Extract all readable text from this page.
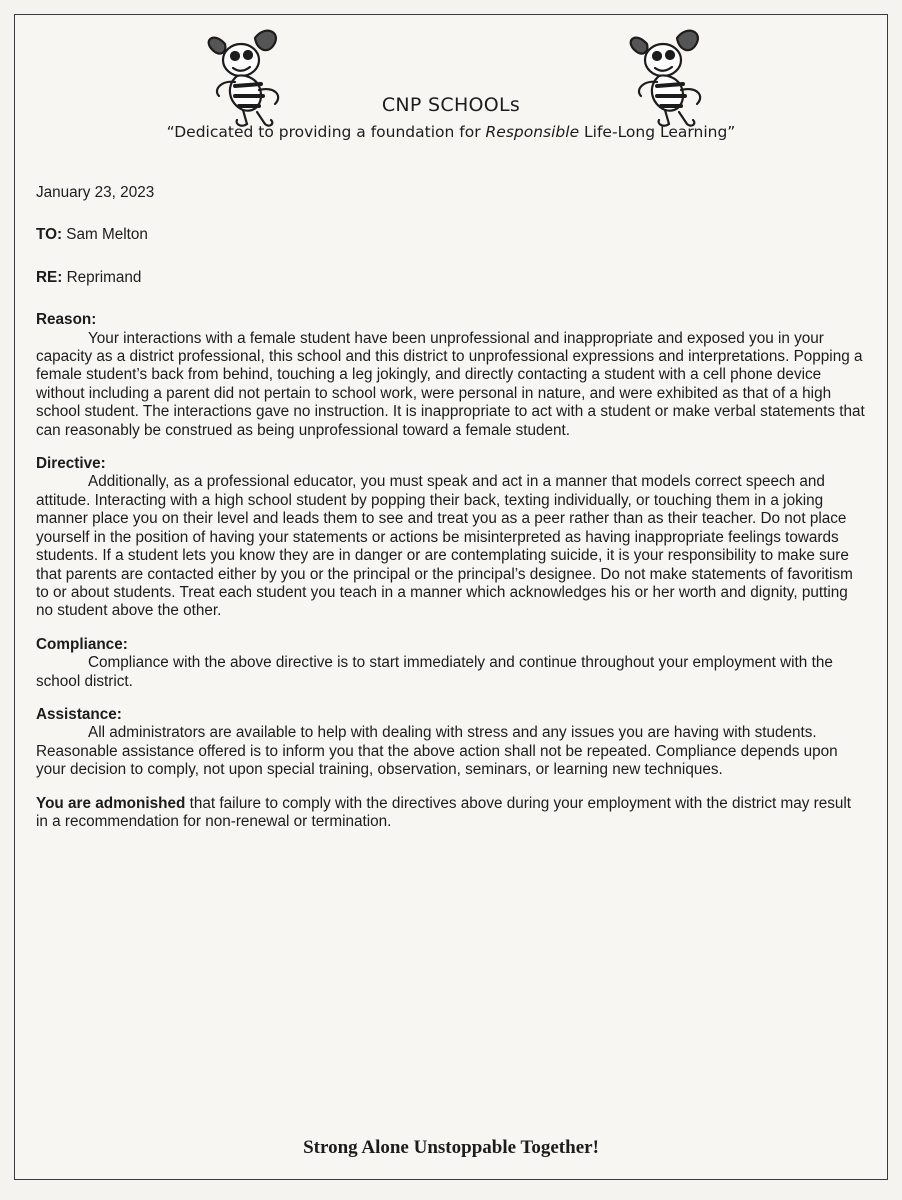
CNP SCHOOLs
“Dedicated to providing a foundation for Responsible Life-Long Learning”

January 23, 2023

TO: Sam Melton

RE: Reprimand

Reason:

Your interactions with a female student have been unprofessional and inappropriate and exposed you in your capacity as a district professional, this school and this district to unprofessional expressions and interpretations. Popping a female student’s back from behind, touching a leg jokingly, and directly contacting a student with a cell phone device without including a parent did not pertain to school work, were personal in nature, and were exhibited as that of a high school student. The interactions gave no instruction. It is inappropriate to act with a student or make verbal statements that can reasonably be construed as being unprofessional toward a female student.

Directive:

Additionally, as a professional educator, you must speak and act in a manner that models correct speech and attitude. Interacting with a high school student by popping their back, texting individually, or touching them in a joking manner place you on their level and leads them to see and treat you as a peer rather than as their teacher. Do not place yourself in the position of having your statements or actions be misinterpreted as having inappropriate feelings towards students. If a student lets you know they are in danger or are contemplating suicide, it is your responsibility to make sure that parents are contacted either by you or the principal or the principal’s designee. Do not make statements of favoritism to or about students. Treat each student you teach in a manner which acknowledges his or her worth and dignity, putting no student above the other.

Compliance:

Compliance with the above directive is to start immediately and continue throughout your employment with the school district.

Assistance:

All administrators are available to help with dealing with stress and any issues you are having with students. Reasonable assistance offered is to inform you that the above action shall not be repeated. Compliance depends upon your decision to comply, not upon special training, observation, seminars, or learning new techniques.

You are admonished that failure to comply with the directives above during your employment with the district may result in a recommendation for non-renewal or termination.

Strong Alone Unstoppable Together!
